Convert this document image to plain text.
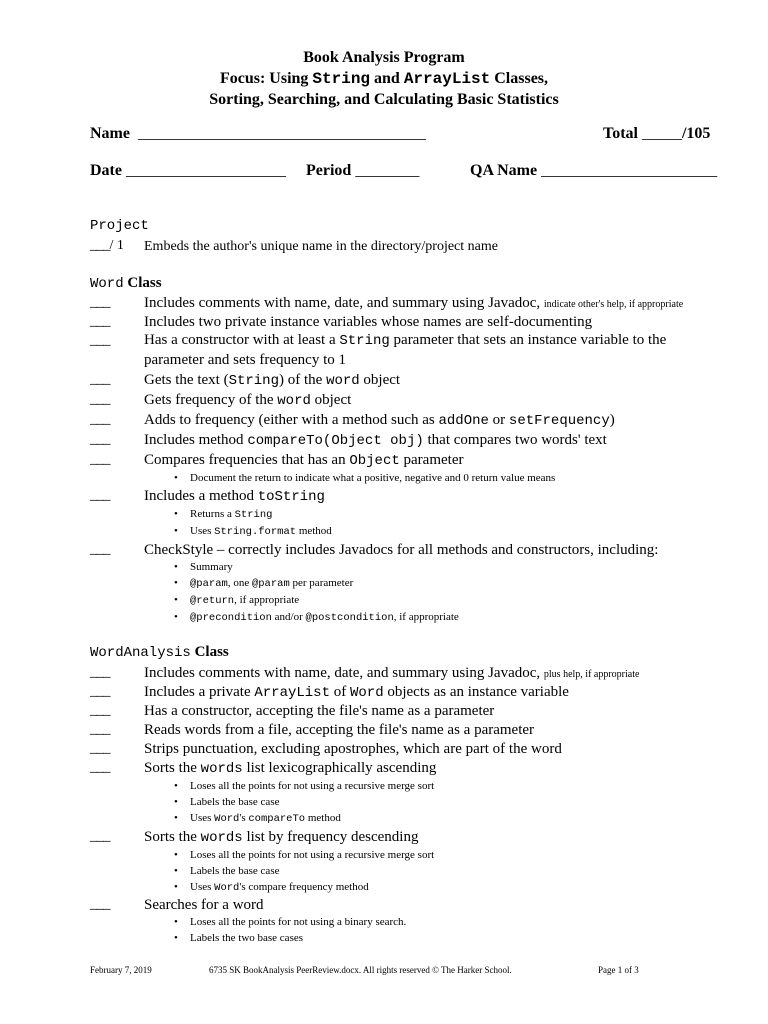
Book Analysis Program
Focus: Using String and ArrayList Classes,
Sorting, Searching, and Calculating Basic Statistics
Name ____________________________________	Total _____/105
Date ____________________ Period ________	QA Name ______________________
Project
___/ 1 Embeds the author's unique name in the directory/project name
Word Class
___ Includes comments with name, date, and summary using Javadoc, indicate other's help, if appropriate
___ Includes two private instance variables whose names are self-documenting
___ Has a constructor with at least a String parameter that sets an instance variable to the parameter and sets frequency to 1
___ Gets the text (String) of the word object
___ Gets frequency of the word object
___ Adds to frequency (either with a method such as addOne or setFrequency)
___ Includes method compareTo(Object obj) that compares two words' text
___ Compares frequencies that has an Object parameter
• Document the return to indicate what a positive, negative and 0 return value means
___ Includes a method toString
• Returns a String
• Uses String.format method
___ CheckStyle – correctly includes Javadocs for all methods and constructors, including:
• Summary
• @param, one @param per parameter
• @return, if appropriate
• @precondition and/or @postcondition, if appropriate
WordAnalysis Class
___ Includes comments with name, date, and summary using Javadoc, plus help, if appropriate
___ Includes a private ArrayList of Word objects as an instance variable
___ Has a constructor, accepting the file's name as a parameter
___ Reads words from a file, accepting the file's name as a parameter
___ Strips punctuation, excluding apostrophes, which are part of the word
___ Sorts the words list lexicographically ascending
• Loses all the points for not using a recursive merge sort
• Labels the base case
• Uses Word's compareTo method
___ Sorts the words list by frequency descending
• Loses all the points for not using a recursive merge sort
• Labels the base case
• Uses Word's compare frequency method
___ Searches for a word
• Loses all the points for not using a binary search.
• Labels the two base cases
February 7, 2019	6735 SK BookAnalysis PeerReview.docx. All rights reserved © The Harker School.	Page 1 of 3
